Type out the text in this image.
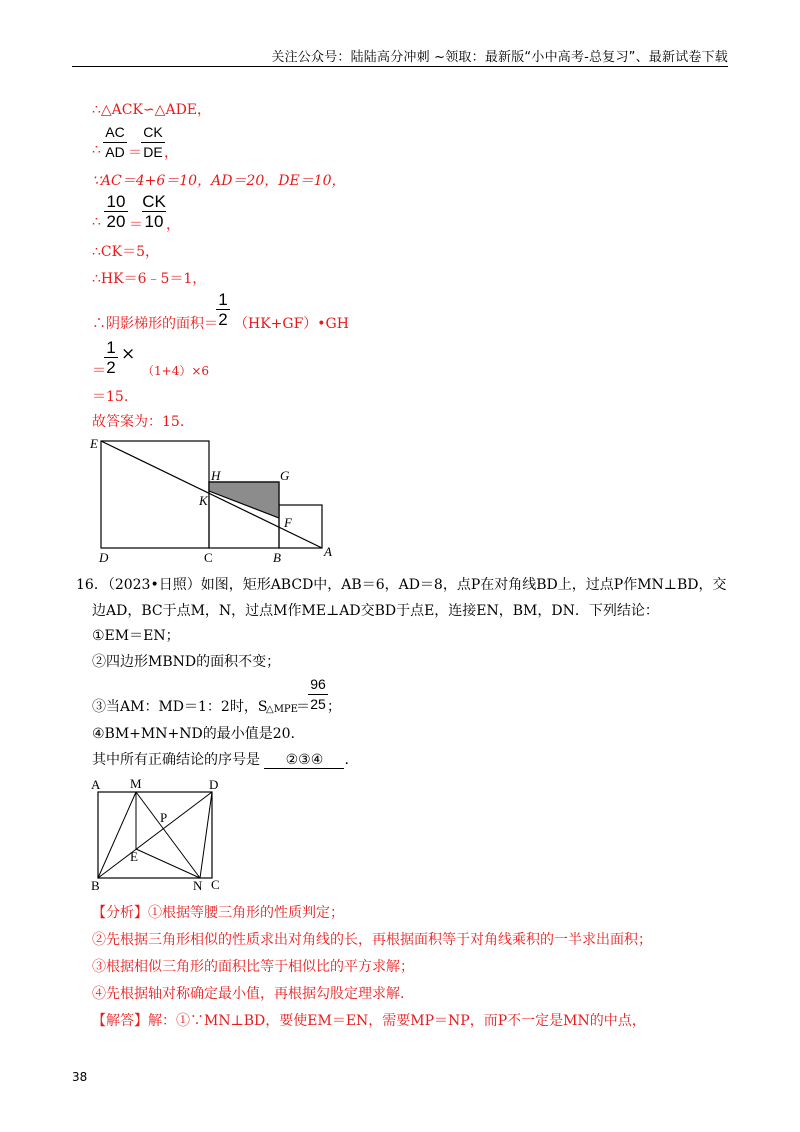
关注公众号：陆陆高分冲刺 ~领取：最新版“小中高考-总复习”、最新试卷下载
∴△ACK∽△ADE，
∴
AC
AD ＝
CK
DE ，
∵AC＝4+6＝10，AD＝20，DE＝10，
∴
10
20 ＝
CK
10 ，
∴CK＝5，
∴HK＝6﹣5＝1，
∴阴影梯形的面积＝
1
2 （HK+GF）•GH
＝
1
2
×
（1+4）×6
＝15.
故答案为：15.
E
H	G
K
F
D	C	B	A
16．（2023•日照）如图，矩形ABCD中，AB＝6，AD＝8，点P在对角线BD上，过点P作MN⊥BD，交
边AD，BC于点M，N，过点M作ME⊥AD交BD于点E，连接EN，BM，DN．下列结论：
①EM＝EN；
②四边形MBND的面积不变；
③当AM：MD＝1：2时，S
△MPE
＝
96
25 ；
④BM+MN+ND的最小值是20.
其中所有正确结论的序号是 ②③④ .
A M	D
P
E
B	N C
【分析】①根据等腰三角形的性质判定；
②先根据三角形相似的性质求出对角线的长，再根据面积等于对角线乘积的一半求出面积；
③根据相似三角形的面积比等于相似比的平方求解；
④先根据轴对称确定最小值，再根据勾股定理求解.
【解答】解：①∵MN⊥BD，要使EM＝EN，需要MP＝NP，而P不一定是MN的中点，
38
